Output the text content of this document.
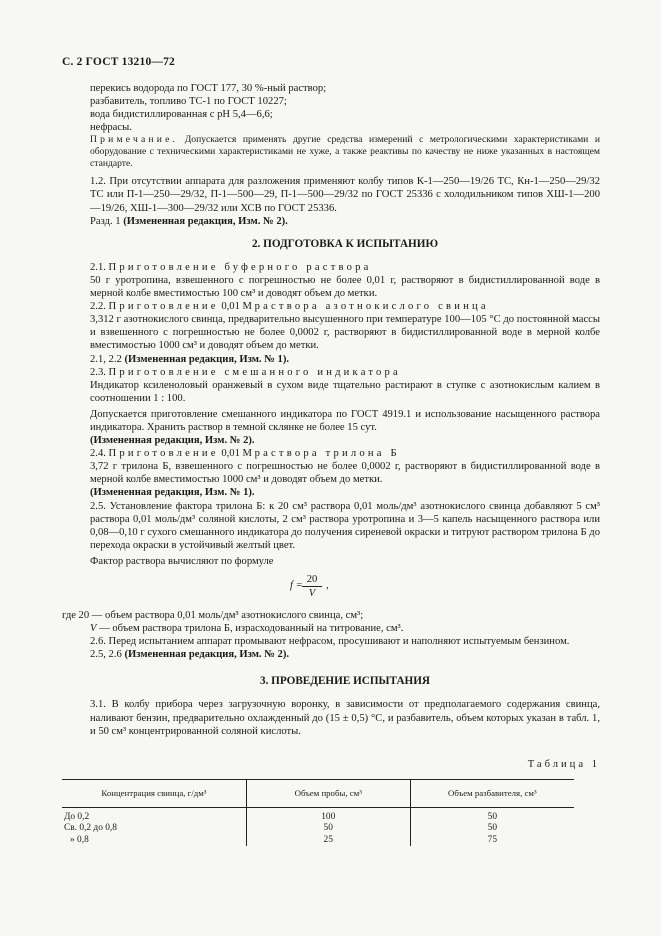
С. 2 ГОСТ 13210—72

перекись водорода по ГОСТ 177, 30 %-ный раствор;

разбавитель, топливо ТС-1 по ГОСТ 10227;

вода бидистиллированная с pH 5,4—6,6;

нефрасы.

Примечание. Допускается применять другие средства измерений с метрологическими характеристиками и оборудование с техническими характеристиками не хуже, а также реактивы по качеству не ниже указанных в настоящем стандарте.

1.2. При отсутствии аппарата для разложения применяют колбу типов К-1—250—19/26 ТС, Кн-1—250—29/32 ТС или П-1—250—29/32, П-1—500—29, П-1—500—29/32 по ГОСТ 25336 с холодильником типов ХШ-1—200—19/26, ХШ-1—300—29/32 или ХСВ по ГОСТ 25336.

Разд. 1 (Измененная редакция, Изм. № 2).

2. ПОДГОТОВКА К ИСПЫТАНИЮ

2.1. Приготовление буферного раствора

50 г уротропина, взвешенного с погрешностью не более 0,01 г, растворяют в бидистиллированной воде в мерной колбе вместимостью 100 см³ и доводят объем до метки.

2.2. Приготовление 0,01 М раствора азотнокислого свинца

3,312 г азотнокислого свинца, предварительно высушенного при температуре 100—105 °С до постоянной массы и взвешенного с погрешностью не более 0,0002 г, растворяют в бидистиллированной воде в мерной колбе вместимостью 1000 см³ и доводят объем до метки.

2.1, 2.2 (Измененная редакция, Изм. № 1).

2.3. Приготовление смешанного индикатора

Индикатор ксиленоловый оранжевый в сухом виде тщательно растирают в ступке с азотнокислым калием в соотношении 1 : 100.

Допускается приготовление смешанного индикатора по ГОСТ 4919.1 и использование насыщенного раствора индикатора. Хранить раствор в темной склянке не более 15 сут.

(Измененная редакция, Изм. № 2).

2.4. Приготовление 0,01 М раствора трилона Б

3,72 г трилона Б, взвешенного с погрешностью не более 0,0002 г, растворяют в бидистиллированной воде в мерной колбе вместимостью 1000 см³ и доводят объем до метки.

(Измененная редакция, Изм. № 1).

2.5. Установление фактора трилона Б: к 20 см³ раствора 0,01 моль/дм³ азотнокислого свинца добавляют 5 см³ раствора 0,01 моль/дм³ соляной кислоты, 2 см³ раствора уротропина и 3—5 капель насыщенного раствора или 0,08—0,10 г сухого смешанного индикатора до получения сиреневой окраски и титруют раствором трилона Б до перехода окраски в устойчивый желтый цвет.

Фактор раствора вычисляют по формуле

$f = \frac{20}{V}$ ,

где 20 — объем раствора 0,01 моль/дм³ азотнокислого свинца, см³;

V — объем раствора трилона Б, израсходованный на титрование, см³.

2.6. Перед испытанием аппарат промывают нефрасом, просушивают и наполняют испытуемым бензином.

2.5, 2.6 (Измененная редакция, Изм. № 2).

3. ПРОВЕДЕНИЕ ИСПЫТАНИЯ

3.1. В колбу прибора через загрузочную воронку, в зависимости от предполагаемого содержания свинца, наливают бензин, предварительно охлажденный до (15 ± 0,5) °С, и разбавитель, объем которых указан в табл. 1, и 50 см³ концентрированной соляной кислоты.

Таблица 1
Концентрация свинца, г/дм³	Объем пробы, см³	Объем разбавителя, см³
До 0,2	100	50
Св. 0,2 до 0,8	50	50
» 0,8	25	75
